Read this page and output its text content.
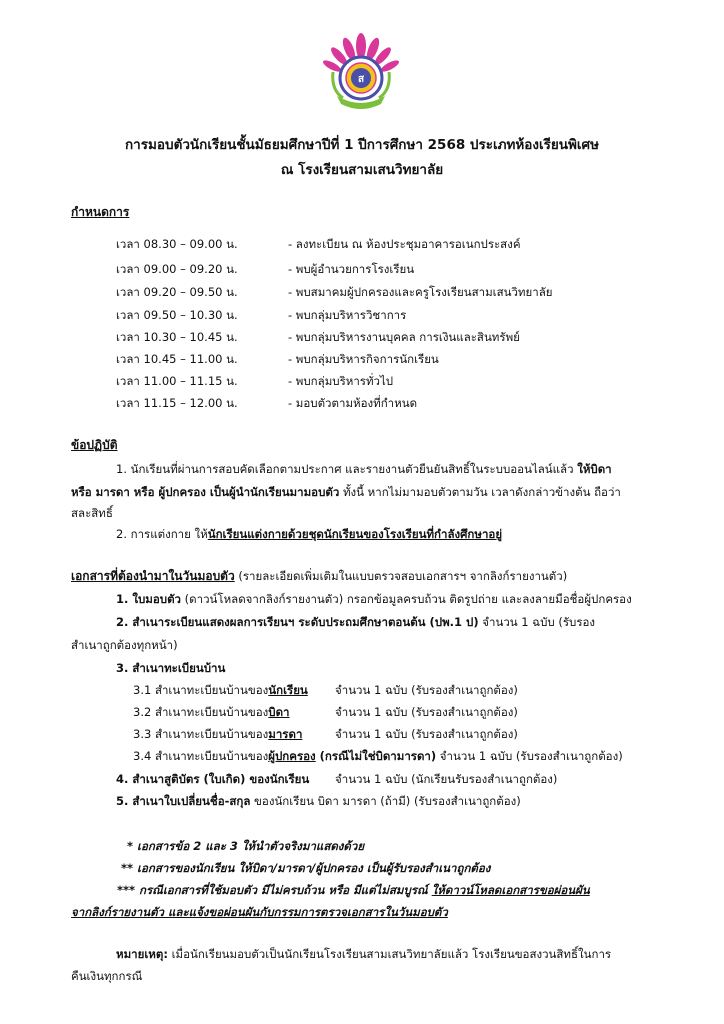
ส
การมอบตัวนักเรียนชั้นมัธยมศึกษาปีที่ 1 ปีการศึกษา 2568 ประเภทห้องเรียนพิเศษ
ณ โรงเรียนสามเสนวิทยาลัย
กำหนดการ
เวลา 08.30 – 09.00 น.	- ลงทะเบียน ณ ห้องประชุมอาคารอเนกประสงค์
เวลา 09.00 – 09.20 น.	- พบผู้อำนวยการโรงเรียน
เวลา 09.20 – 09.50 น.	- พบสมาคมผู้ปกครองและครูโรงเรียนสามเสนวิทยาลัย
เวลา 09.50 – 10.30 น.	- พบกลุ่มบริหารวิชาการ
เวลา 10.30 – 10.45 น.	- พบกลุ่มบริหารงานบุคคล การเงินและสินทรัพย์
เวลา 10.45 – 11.00 น.	- พบกลุ่มบริหารกิจการนักเรียน
เวลา 11.00 – 11.15 น.	- พบกลุ่มบริหารทั่วไป
เวลา 11.15 – 12.00 น.	- มอบตัวตามห้องที่กำหนด
ข้อปฏิบัติ
1. นักเรียนที่ผ่านการสอบคัดเลือกตามประกาศ และรายงานตัวยืนยันสิทธิ์ในระบบออนไลน์แล้ว ให้บิดา
หรือ มารดา หรือ ผู้ปกครอง เป็นผู้นำนักเรียนมามอบตัว ทั้งนี้ หากไม่มามอบตัวตามวัน เวลาดังกล่าวข้างต้น ถือว่า
สละสิทธิ์
2. การแต่งกาย ให้นักเรียนแต่งกายด้วยชุดนักเรียนของโรงเรียนที่กำลังศึกษาอยู่
เอกสารที่ต้องนำมาในวันมอบตัว (รายละเอียดเพิ่มเติมในแบบตรวจสอบเอกสารฯ จากลิงก์รายงานตัว)
1. ใบมอบตัว (ดาวน์โหลดจากลิงก์รายงานตัว) กรอกข้อมูลครบถ้วน ติดรูปถ่าย และลงลายมือชื่อผู้ปกครอง
2. สำเนาระเบียนแสดงผลการเรียนฯ ระดับประถมศึกษาตอนต้น (ปพ.1 ป) จำนวน 1 ฉบับ (รับรอง
สำเนาถูกต้องทุกหน้า)
3. สำเนาทะเบียนบ้าน
3.1 สำเนาทะเบียนบ้านของนักเรียน จำนวน 1 ฉบับ (รับรองสำเนาถูกต้อง)
3.2 สำเนาทะเบียนบ้านของบิดา	จำนวน 1 ฉบับ (รับรองสำเนาถูกต้อง)
3.3 สำเนาทะเบียนบ้านของมารดา	จำนวน 1 ฉบับ (รับรองสำเนาถูกต้อง)
3.4 สำเนาทะเบียนบ้านของผู้ปกครอง (กรณีไม่ใช่บิดามารดา) จำนวน 1 ฉบับ (รับรองสำเนาถูกต้อง)
4. สำเนาสูติบัตร (ใบเกิด) ของนักเรียน จำนวน 1 ฉบับ (นักเรียนรับรองสำเนาถูกต้อง)
5. สำเนาใบเปลี่ยนชื่อ-สกุล ของนักเรียน บิดา มารดา (ถ้ามี) (รับรองสำเนาถูกต้อง)
* เอกสารข้อ 2 และ 3 ให้นำตัวจริงมาแสดงด้วย
** เอกสารของนักเรียน ให้บิดา/มารดา/ผู้ปกครอง เป็นผู้รับรองสำเนาถูกต้อง
*** กรณีเอกสารที่ใช้มอบตัว มีไม่ครบถ้วน หรือ มีแต่ไม่สมบูรณ์ ให้ดาวน์โหลดเอกสารขอผ่อนผัน
จากลิงก์รายงานตัว และแจ้งขอผ่อนผันกับกรรมการตรวจเอกสารในวันมอบตัว
หมายเหตุ: เมื่อนักเรียนมอบตัวเป็นนักเรียนโรงเรียนสามเสนวิทยาลัยแล้ว โรงเรียนขอสงวนสิทธิ์ในการ
คืนเงินทุกกรณี
